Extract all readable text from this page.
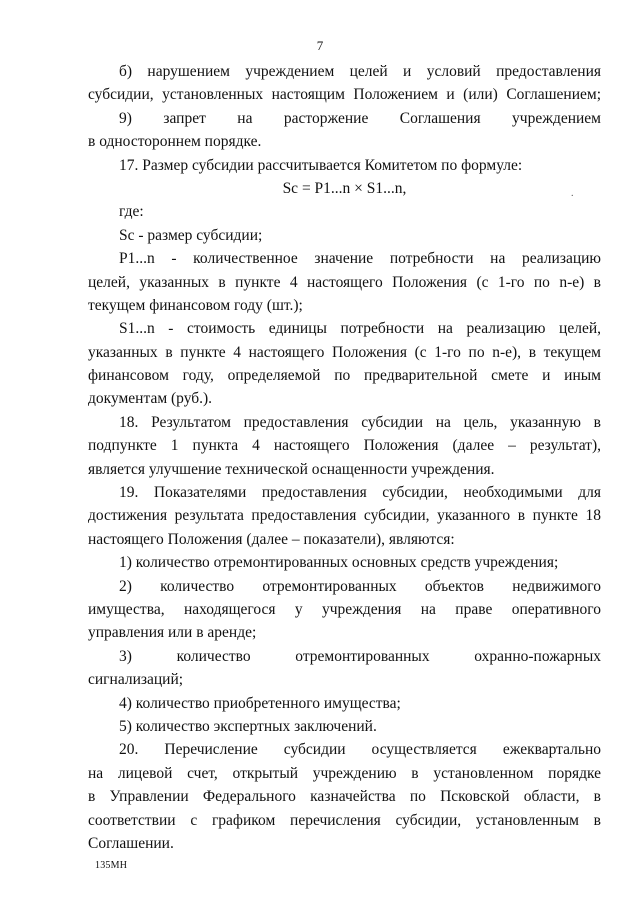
7
б) нарушением учреждением целей и условий предоставления
субсидии, установленных настоящим Положением и (или) Соглашением;
9) запрет на расторжение Соглашения учреждением
в одностороннем порядке.
17. Размер субсидии рассчитывается Комитетом по формуле:
Sc = P1...n × S1...n,
где:
Sc - размер субсидии;
P1...n - количественное значение потребности на реализацию
целей, указанных в пункте 4 настоящего Положения (с 1-го по n-е) в
текущем финансовом году (шт.);
S1...n - стоимость единицы потребности на реализацию целей,
указанных в пункте 4 настоящего Положения (с 1-го по n-е), в текущем
финансовом году, определяемой по предварительной смете и иным
документам (руб.).
18. Результатом предоставления субсидии на цель, указанную в
подпункте 1 пункта 4 настоящего Положения (далее – результат),
является улучшение технической оснащенности учреждения.
19. Показателями предоставления субсидии, необходимыми для
достижения результата предоставления субсидии, указанного в пункте 18
настоящего Положения (далее – показатели), являются:
1) количество отремонтированных основных средств учреждения;
2) количество отремонтированных объектов недвижимого
имущества, находящегося у учреждения на праве оперативного
управления или в аренде;
3) количество отремонтированных охранно-пожарных
сигнализаций;
4) количество приобретенного имущества;
5) количество экспертных заключений.
20. Перечисление субсидии осуществляется ежеквартально
на лицевой счет, открытый учреждению в установленном порядке
в Управлении Федерального казначейства по Псковской области, в
соответствии с графиком перечисления субсидии, установленным в
Соглашении.
.
135МН
